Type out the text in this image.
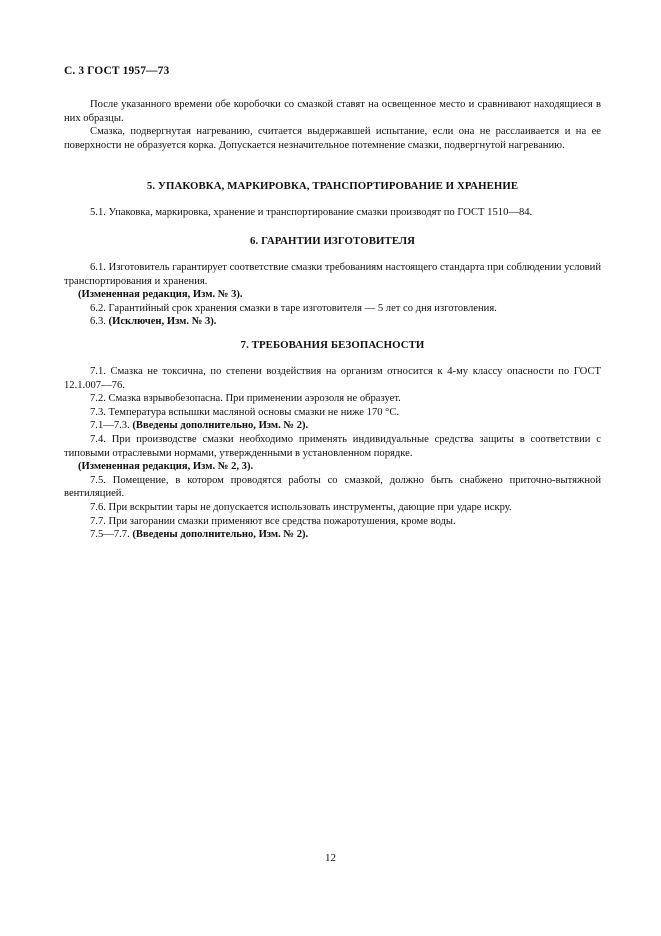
С. 3 ГОСТ 1957—73

После указанного времени обе коробочки со смазкой ставят на освещенное место и сравнивают находящиеся в них образцы.

Смазка, подвергнутая нагреванию, считается выдержавшей испытание, если она не расслаивается и на ее поверхности не образуется корка. Допускается незначительное потемнение смазки, подвергнутой нагреванию.

5. УПАКОВКА, МАРКИРОВКА, ТРАНСПОРТИРОВАНИЕ И ХРАНЕНИЕ

5.1. Упаковка, маркировка, хранение и транспортирование смазки производят по ГОСТ 1510—84.

6. ГАРАНТИИ ИЗГОТОВИТЕЛЯ

6.1. Изготовитель гарантирует соответствие смазки требованиям настоящего стандарта при соблюдении условий транспортирования и хранения.

(Измененная редакция, Изм. № 3).

6.2. Гарантийный срок хранения смазки в таре изготовителя — 5 лет со дня изготовления.

6.3. (Исключен, Изм. № 3).

7. ТРЕБОВАНИЯ БЕЗОПАСНОСТИ

7.1. Смазка не токсична, по степени воздействия на организм относится к 4-му классу опасности по ГОСТ 12.1.007—76.

7.2. Смазка взрывобезопасна. При применении аэрозоля не образует.

7.3. Температура вспышки масляной основы смазки не ниже 170 °С.

7.1—7.3. (Введены дополнительно, Изм. № 2).

7.4. При производстве смазки необходимо применять индивидуальные средства защиты в соответствии с типовыми отраслевыми нормами, утвержденными в установленном порядке.

(Измененная редакция, Изм. № 2, 3).

7.5. Помещение, в котором проводятся работы со смазкой, должно быть снабжено приточно-вытяжной вентиляцией.

7.6. При вскрытии тары не допускается использовать инструменты, дающие при ударе искру.

7.7. При загорании смазки применяют все средства пожаротушения, кроме воды.

7.5—7.7. (Введены дополнительно, Изм. № 2).

12
